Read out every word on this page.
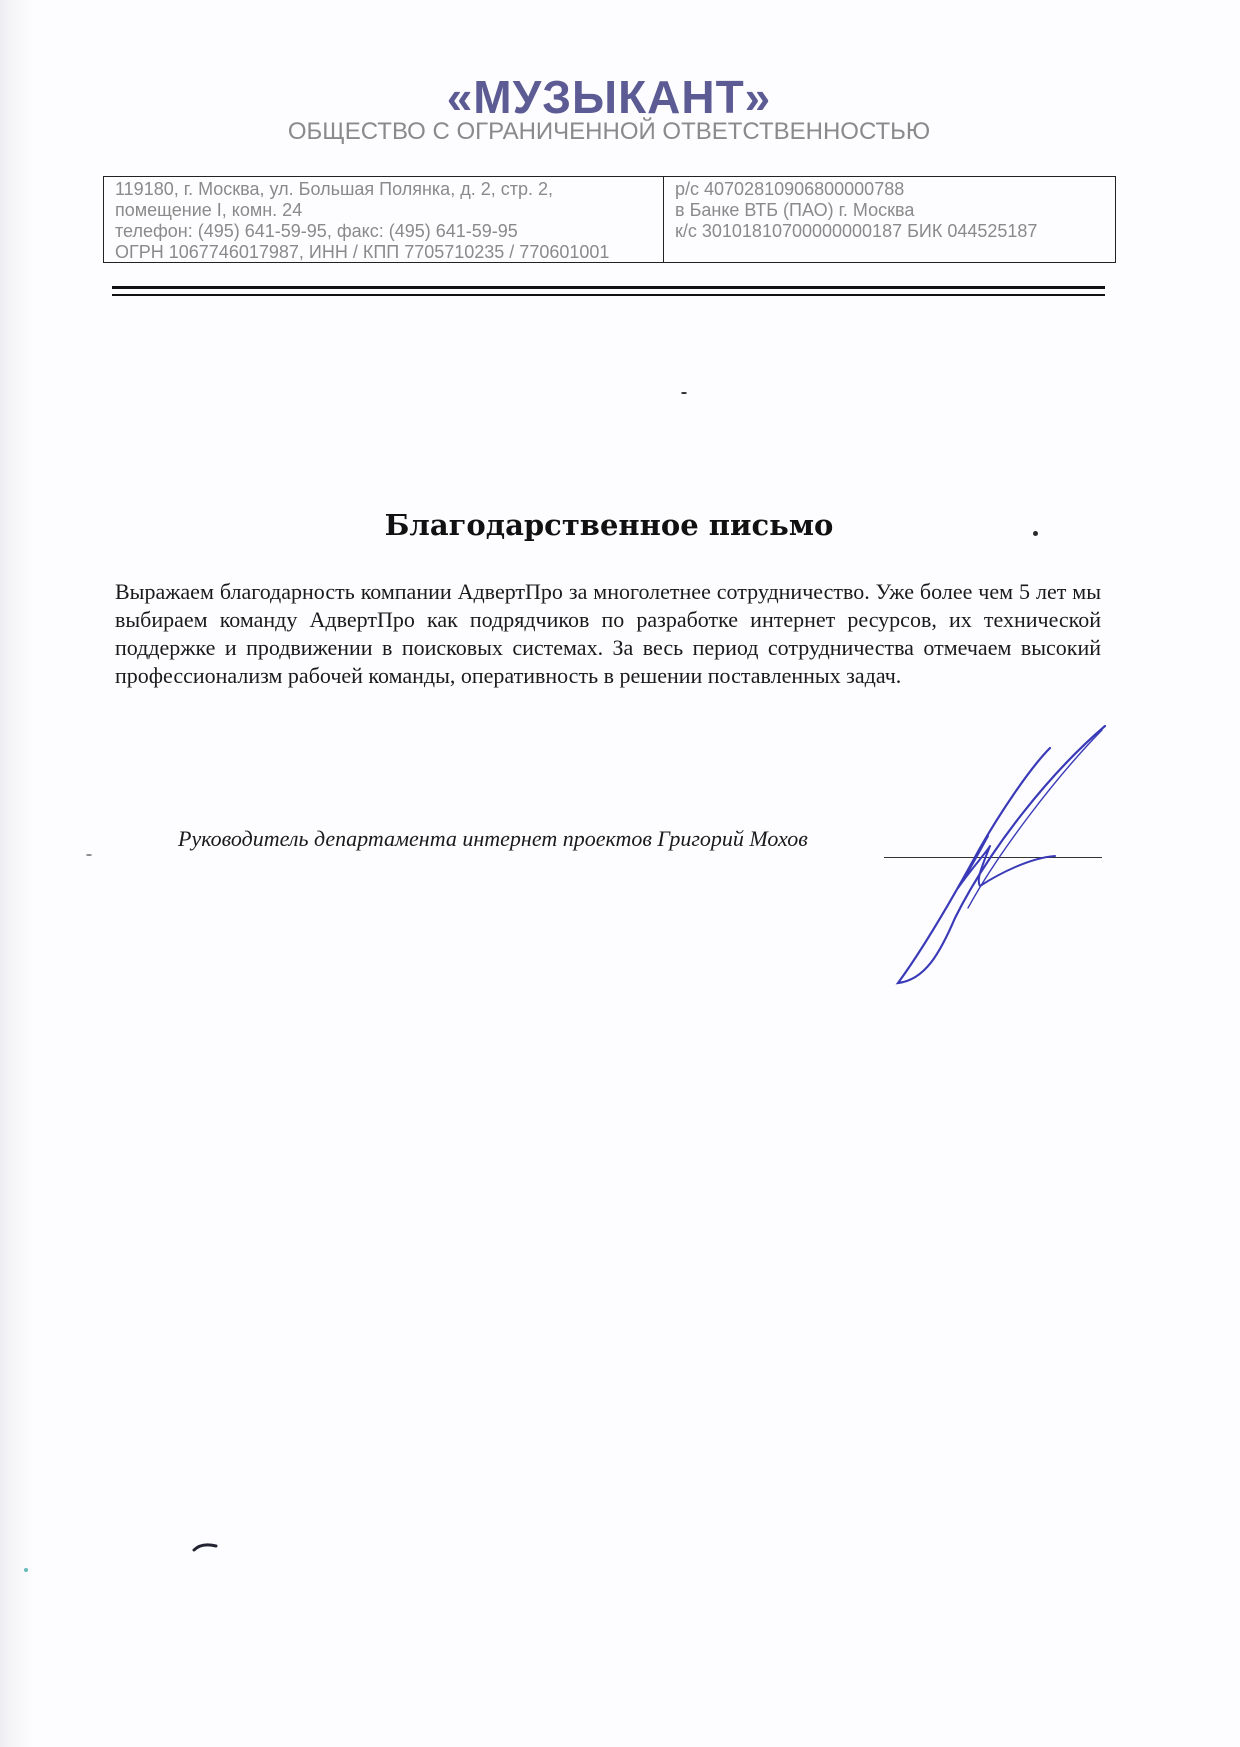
«МУЗЫКАНТ»
ОБЩЕСТВО С ОГРАНИЧЕННОЙ ОТВЕТСТВЕННОСТЬЮ
119180, г. Москва, ул. Большая Полянка, д. 2, стр. 2,
помещение I, комн. 24
телефон: (495) 641-59-95, факс: (495) 641-59-95
ОГРН 1067746017987, ИНН / КПП 7705710235 / 770601001
р/с 40702810906800000788
в Банке ВТБ (ПАО) г. Москва
к/с 30101810700000000187 БИК 044525187
Благодарственное письмо
Выражаем благодарность компании АдвертПро за многолетнее сотрудничество. Уже более чем 5 лет мы выбираем команду АдвертПро как подрядчиков по разработке интернет ресурсов, их технической поддержке и продвижении в поисковых системах. За весь период сотрудничества отмечаем высокий профессионализм рабочей команды, оперативность в решении поставленных задач.
Руководитель департамента интернет проектов Григорий Мохов
